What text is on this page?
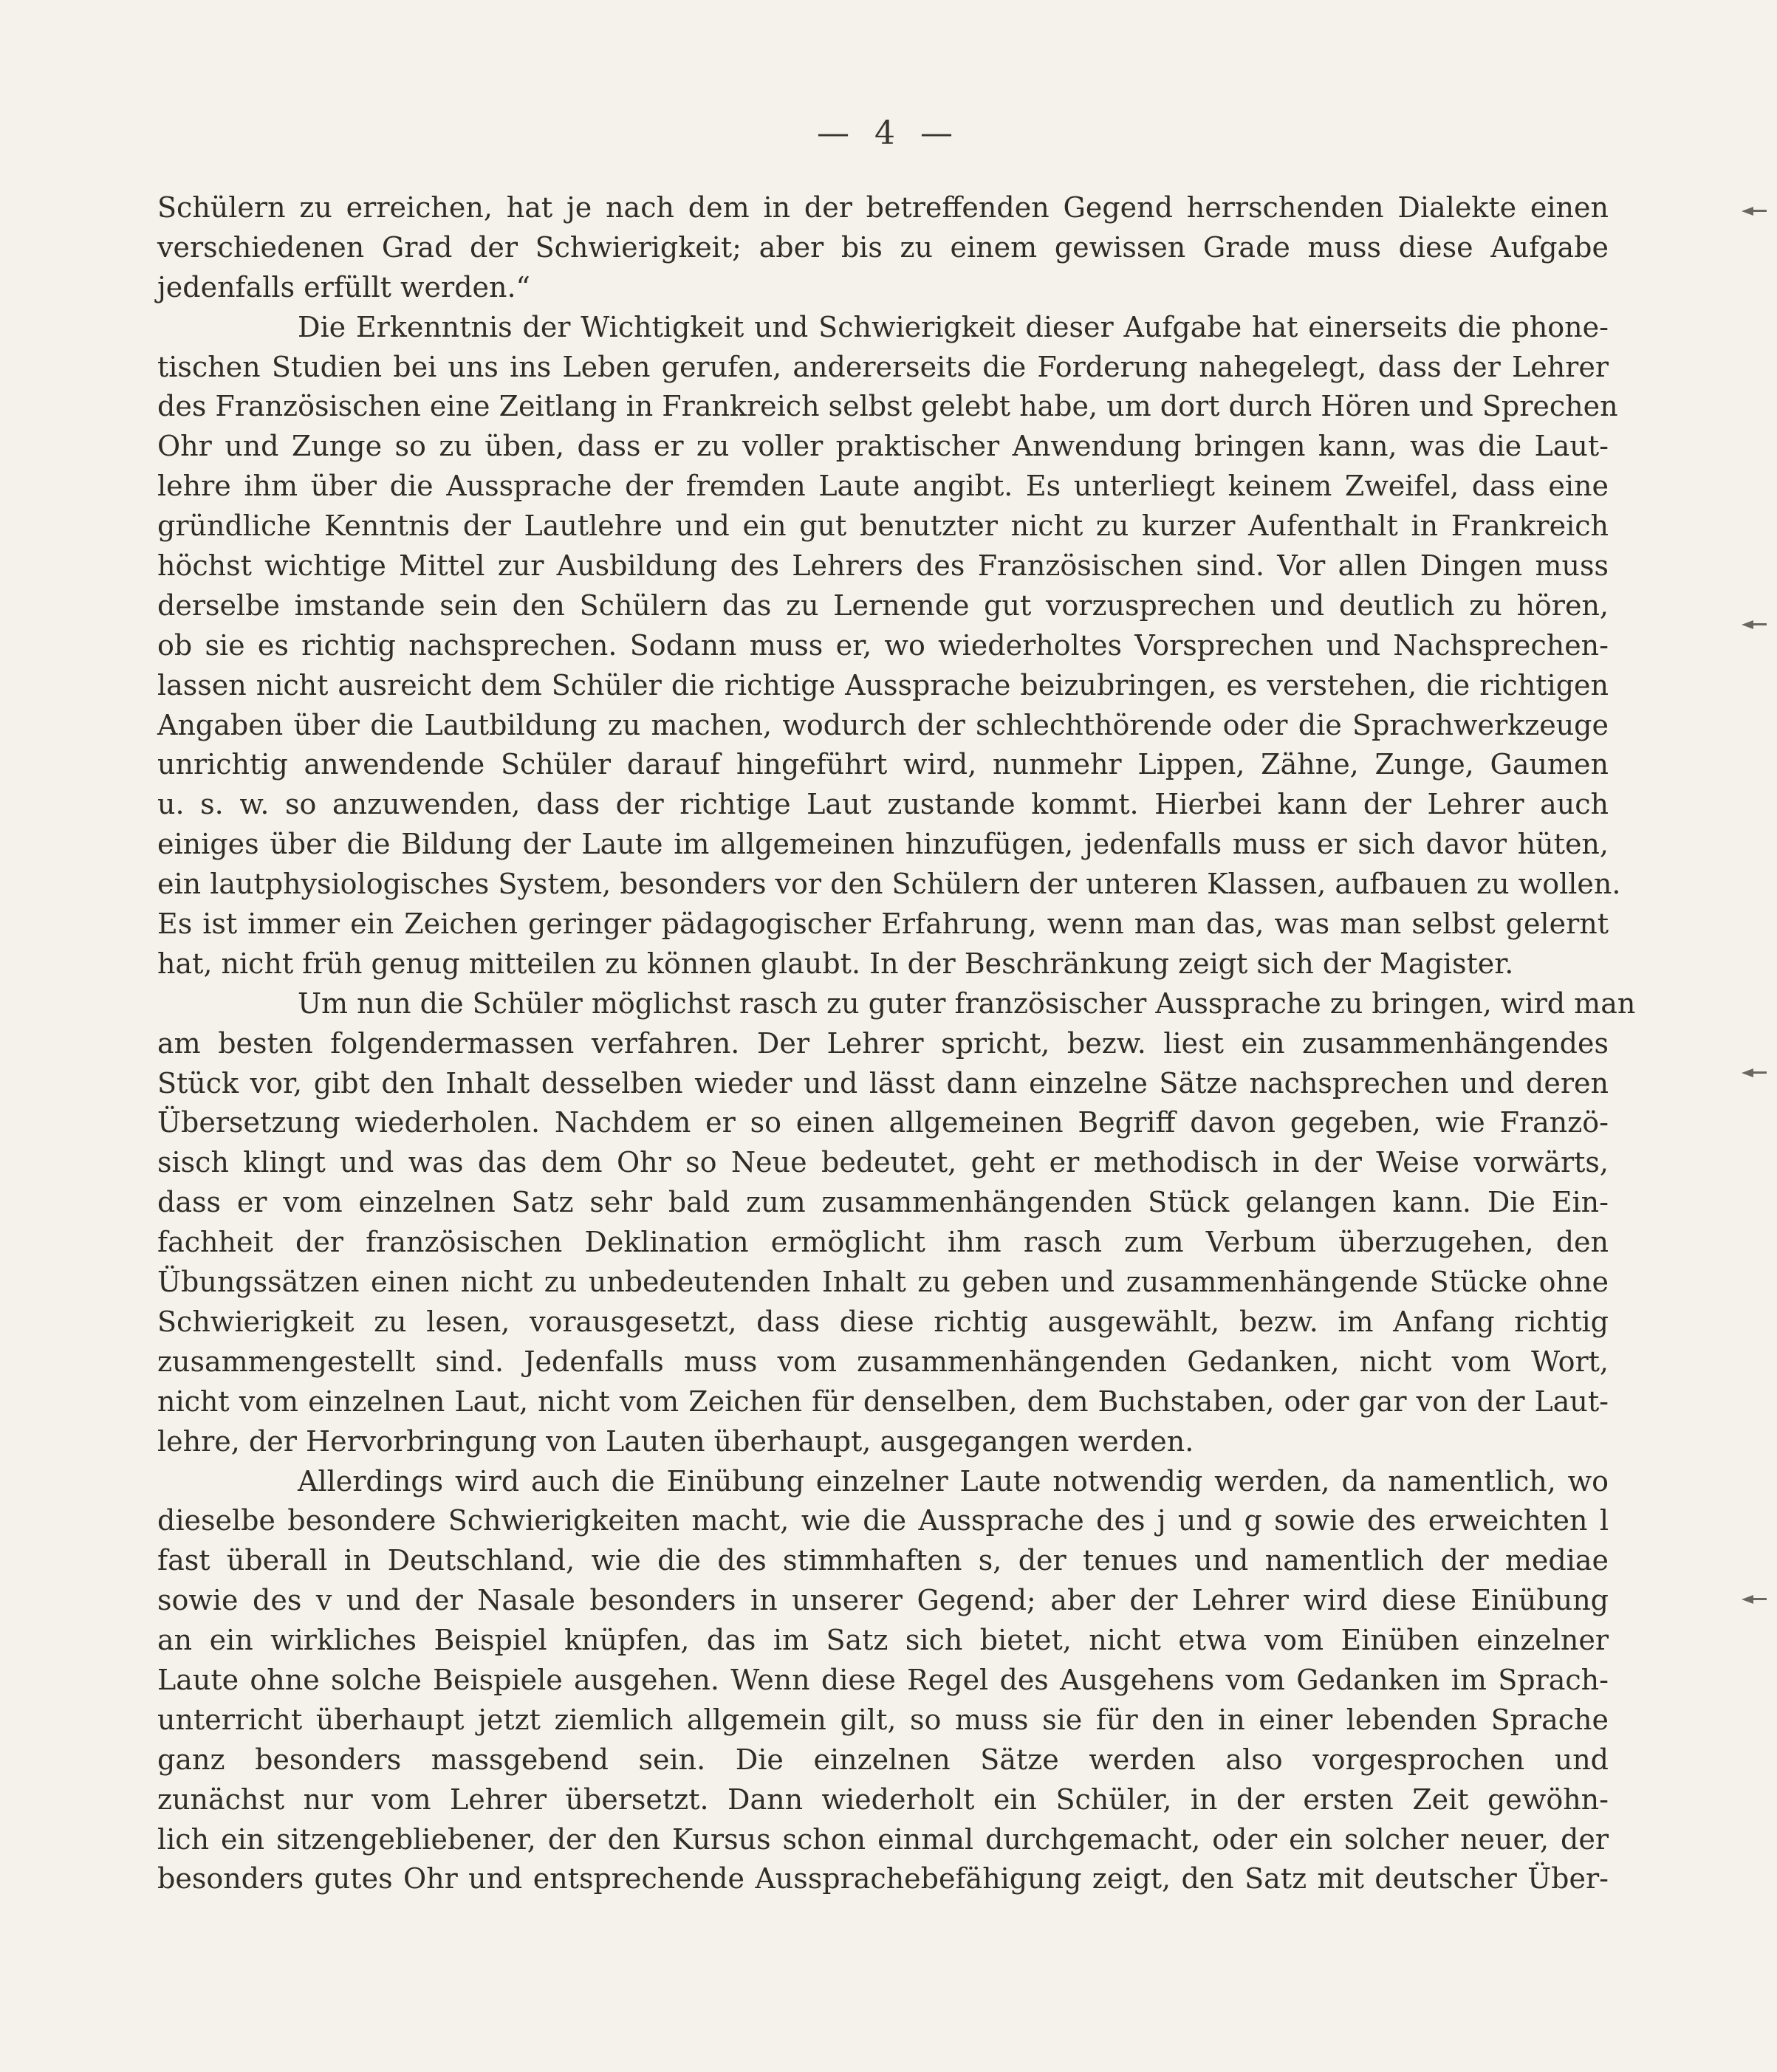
— 4 —
Schülern zu erreichen, hat je nach dem in der betreffenden Gegend herrschenden Dialekte einen
verschiedenen Grad der Schwierigkeit; aber bis zu einem gewissen Grade muss diese Aufgabe
jedenfalls erfüllt werden.“
Die Erkenntnis der Wichtigkeit und Schwierigkeit dieser Aufgabe hat einerseits die phone-
tischen Studien bei uns ins Leben gerufen, andererseits die Forderung nahegelegt, dass der Lehrer
des Französischen eine Zeitlang in Frankreich selbst gelebt habe, um dort durch Hören und Sprechen
Ohr und Zunge so zu üben, dass er zu voller praktischer Anwendung bringen kann, was die Laut-
lehre ihm über die Aussprache der fremden Laute angibt. Es unterliegt keinem Zweifel, dass eine
gründliche Kenntnis der Lautlehre und ein gut benutzter nicht zu kurzer Aufenthalt in Frankreich
höchst wichtige Mittel zur Ausbildung des Lehrers des Französischen sind. Vor allen Dingen muss
derselbe imstande sein den Schülern das zu Lernende gut vorzusprechen und deutlich zu hören,
ob sie es richtig nachsprechen. Sodann muss er, wo wiederholtes Vorsprechen und Nachsprechen-
lassen nicht ausreicht dem Schüler die richtige Aussprache beizubringen, es verstehen, die richtigen
Angaben über die Lautbildung zu machen, wodurch der schlechthörende oder die Sprachwerkzeuge
unrichtig anwendende Schüler darauf hingeführt wird, nunmehr Lippen, Zähne, Zunge, Gaumen
u. s. w. so anzuwenden, dass der richtige Laut zustande kommt. Hierbei kann der Lehrer auch
einiges über die Bildung der Laute im allgemeinen hinzufügen, jedenfalls muss er sich davor hüten,
ein lautphysiologisches System, besonders vor den Schülern der unteren Klassen, aufbauen zu wollen.
Es ist immer ein Zeichen geringer pädagogischer Erfahrung, wenn man das, was man selbst gelernt
hat, nicht früh genug mitteilen zu können glaubt. In der Beschränkung zeigt sich der Magister.
Um nun die Schüler möglichst rasch zu guter französischer Aussprache zu bringen, wird man
am besten folgendermassen verfahren. Der Lehrer spricht, bezw. liest ein zusammenhängendes
Stück vor, gibt den Inhalt desselben wieder und lässt dann einzelne Sätze nachsprechen und deren
Übersetzung wiederholen. Nachdem er so einen allgemeinen Begriff davon gegeben, wie Franzö-
sisch klingt und was das dem Ohr so Neue bedeutet, geht er methodisch in der Weise vorwärts,
dass er vom einzelnen Satz sehr bald zum zusammenhängenden Stück gelangen kann. Die Ein-
fachheit der französischen Deklination ermöglicht ihm rasch zum Verbum überzugehen, den
Übungssätzen einen nicht zu unbedeutenden Inhalt zu geben und zusammenhängende Stücke ohne
Schwierigkeit zu lesen, vorausgesetzt, dass diese richtig ausgewählt, bezw. im Anfang richtig
zusammengestellt sind. Jedenfalls muss vom zusammenhängenden Gedanken, nicht vom Wort,
nicht vom einzelnen Laut, nicht vom Zeichen für denselben, dem Buchstaben, oder gar von der Laut-
lehre, der Hervorbringung von Lauten überhaupt, ausgegangen werden.
Allerdings wird auch die Einübung einzelner Laute notwendig werden, da namentlich, wo
dieselbe besondere Schwierigkeiten macht, wie die Aussprache des j und g sowie des erweichten l
fast überall in Deutschland, wie die des stimmhaften s, der tenues und namentlich der mediae
sowie des v und der Nasale besonders in unserer Gegend; aber der Lehrer wird diese Einübung
an ein wirkliches Beispiel knüpfen, das im Satz sich bietet, nicht etwa vom Einüben einzelner
Laute ohne solche Beispiele ausgehen. Wenn diese Regel des Ausgehens vom Gedanken im Sprach-
unterricht überhaupt jetzt ziemlich allgemein gilt, so muss sie für den in einer lebenden Sprache
ganz besonders massgebend sein. Die einzelnen Sätze werden also vorgesprochen und
zunächst nur vom Lehrer übersetzt. Dann wiederholt ein Schüler, in der ersten Zeit gewöhn-
lich ein sitzengebliebener, der den Kursus schon einmal durchgemacht, oder ein solcher neuer, der
besonders gutes Ohr und entsprechende Aussprachebefähigung zeigt, den Satz mit deutscher Über-
